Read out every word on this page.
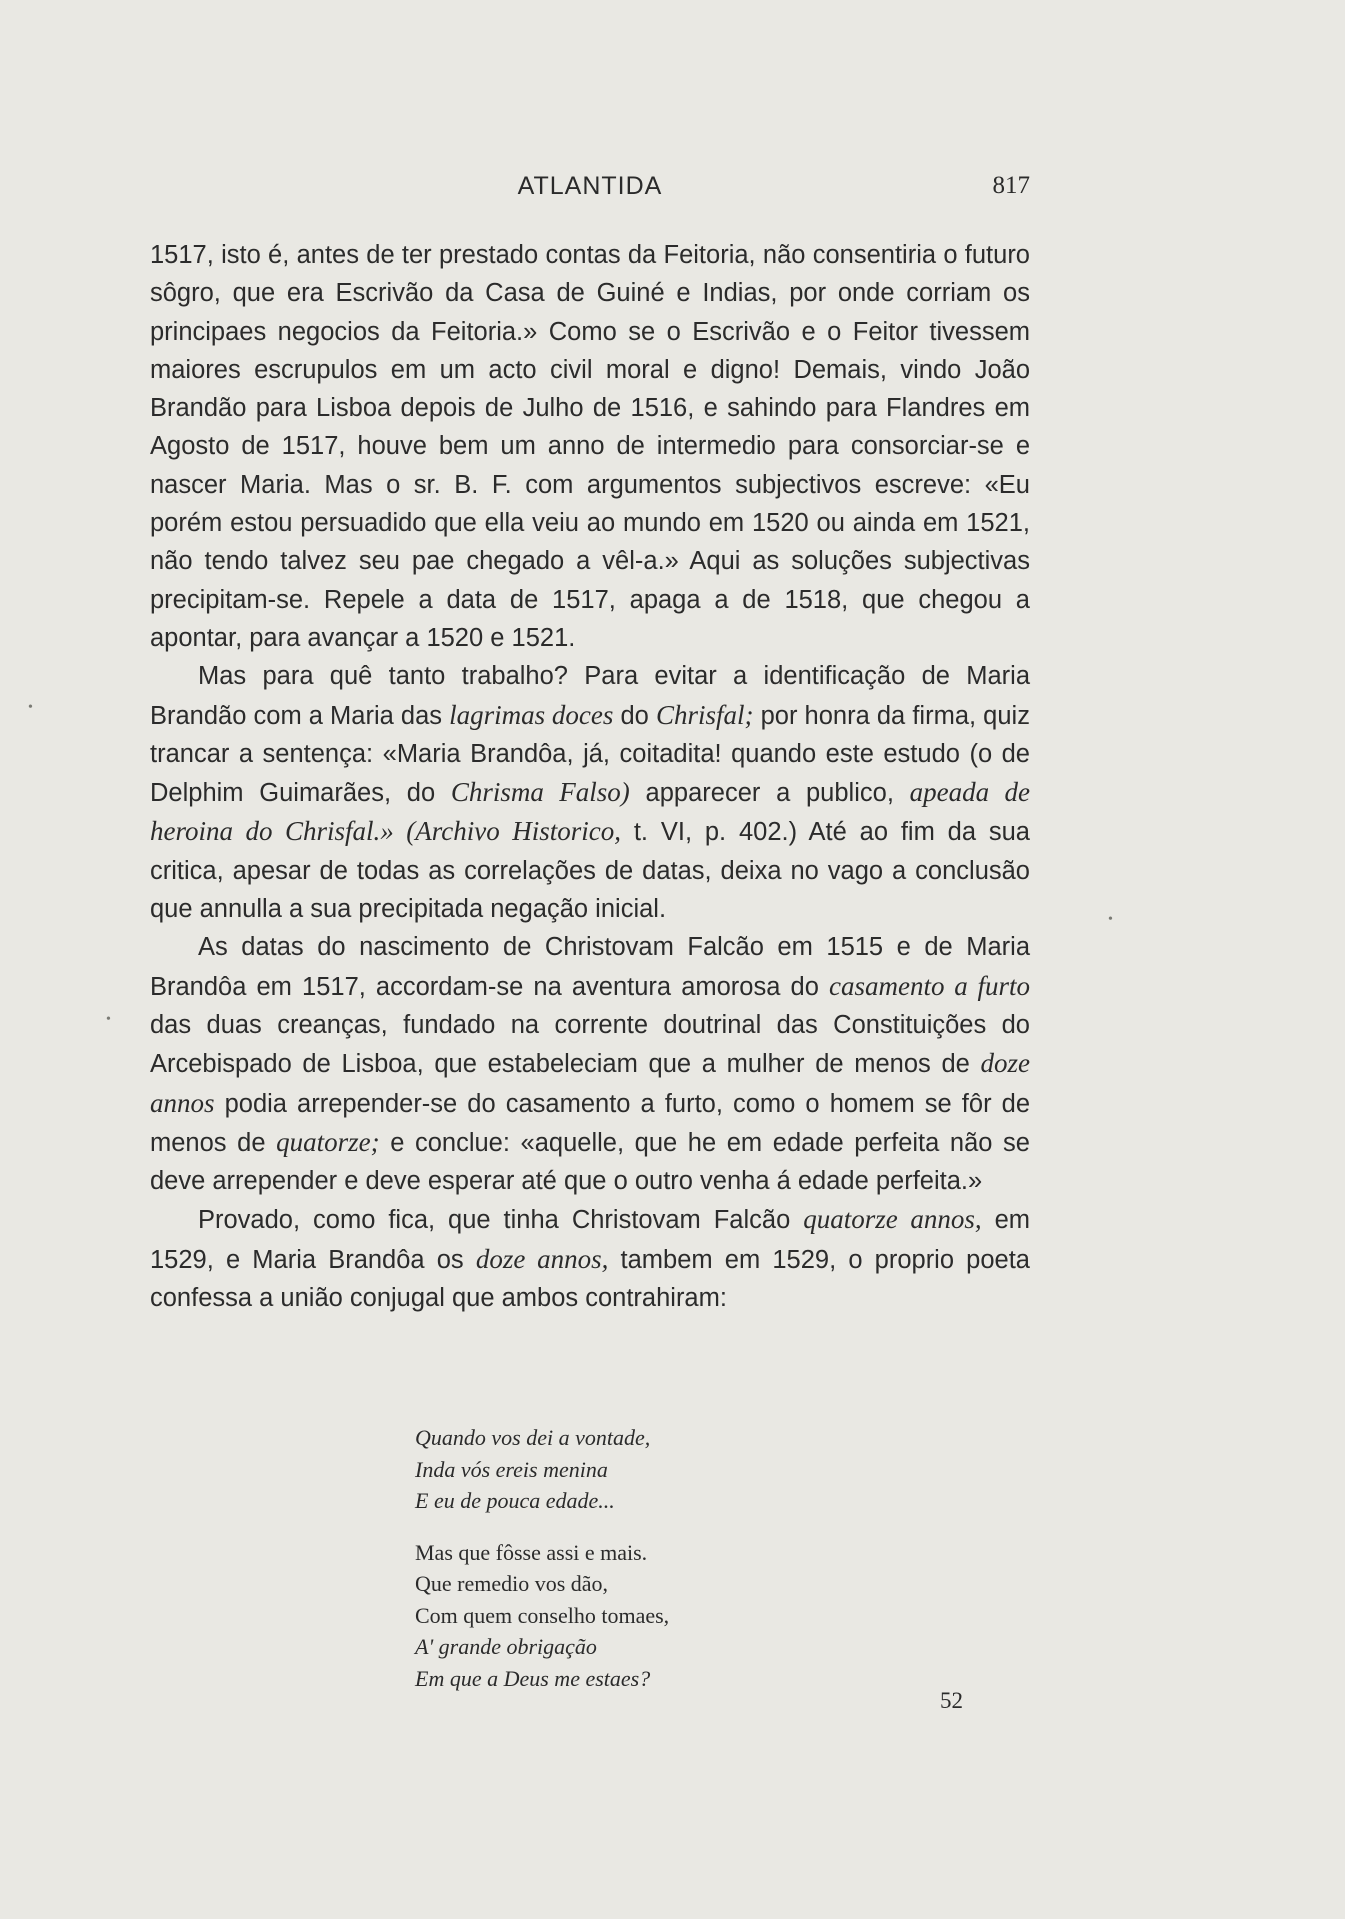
ATLANTIDA	817

1517, isto é, antes de ter prestado contas da Feitoria, não consentiria o futuro sôgro, que era Escrivão da Casa de Guiné e Indias, por onde corriam os principaes negocios da Feitoria.» Como se o Escrivão e o Feitor tivessem maiores escrupulos em um acto civil moral e digno! Demais, vindo João Brandão para Lisboa depois de Julho de 1516, e sahindo para Flandres em Agosto de 1517, houve bem um anno de intermedio para consorciar-se e nascer Maria. Mas o sr. B. F. com argumentos subjectivos escreve: «Eu porém estou persuadido que ella veiu ao mundo em 1520 ou ainda em 1521, não tendo talvez seu pae chegado a vêl-a.» Aqui as soluções subjectivas precipitam-se. Repele a data de 1517, apaga a de 1518, que chegou a apontar, para avançar a 1520 e 1521.

Mas para quê tanto trabalho? Para evitar a identificação de Maria Brandão com a Maria das lagrimas doces do Chrisfal; por honra da firma, quiz trancar a sentença: «Maria Brandôa, já, coitadita! quando este estudo (o de Delphim Guimarães, do Chrisma Falso) apparecer a publico, apeada de heroina do Chrisfal.» (Archivo Historico, t. VI, p. 402.) Até ao fim da sua critica, apesar de todas as correlações de datas, deixa no vago a conclusão que annulla a sua precipitada negação inicial.

As datas do nascimento de Christovam Falcão em 1515 e de Maria Brandôa em 1517, accordam-se na aventura amorosa do casamento a furto das duas creanças, fundado na corrente doutrinal das Constituições do Arcebispado de Lisboa, que estabeleciam que a mulher de menos de doze annos podia arrepender-se do casamento a furto, como o homem se fôr de menos de quatorze; e conclue: «aquelle, que he em edade perfeita não se deve arrepender e deve esperar até que o outro venha á edade perfeita.»

Provado, como fica, que tinha Christovam Falcão quatorze annos, em 1529, e Maria Brandôa os doze annos, tambem em 1529, o proprio poeta confessa a união conjugal que ambos contrahiram:

Quando vos dei a vontade,
Inda vós ereis menina
E eu de pouca edade...
Mas que fôsse assi e mais.
Que remedio vos dão,
Com quem conselho tomaes,
A' grande obrigação
Em que a Deus me estaes?
52
•
•
•
